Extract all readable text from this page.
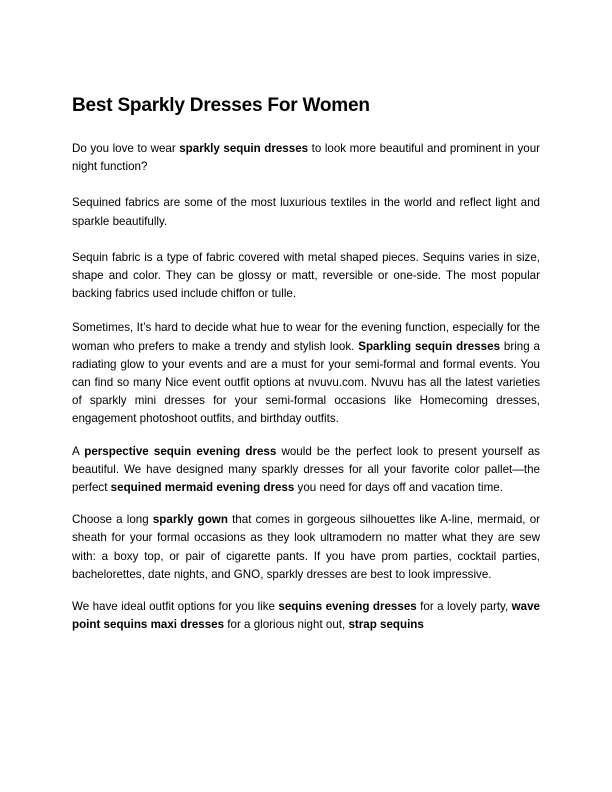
Best Sparkly Dresses For Women

Do you love to wear sparkly sequin dresses to look more beautiful and prominent in your night function?

Sequined fabrics are some of the most luxurious textiles in the world and reflect light and sparkle beautifully.

Sequin fabric is a type of fabric covered with metal shaped pieces. Sequins varies in size, shape and color. They can be glossy or matt, reversible or one-side. The most popular backing fabrics used include chiffon or tulle.

Sometimes, It’s hard to decide what hue to wear for the evening function, especially for the woman who prefers to make a trendy and stylish look. Sparkling sequin dresses bring a radiating glow to your events and are a must for your semi-formal and formal events. You can find so many Nice event outfit options at nvuvu.com. Nvuvu has all the latest varieties of sparkly mini dresses for your semi-formal occasions like Homecoming dresses, engagement photoshoot outfits, and birthday outfits.

A perspective sequin evening dress would be the perfect look to present yourself as beautiful. We have designed many sparkly dresses for all your favorite color pallet—the perfect sequined mermaid evening dress you need for days off and vacation time.

Choose a long sparkly gown that comes in gorgeous silhouettes like A-line, mermaid, or sheath for your formal occasions as they look ultramodern no matter what they are sew with: a boxy top, or pair of cigarette pants. If you have prom parties, cocktail parties, bachelorettes, date nights, and GNO, sparkly dresses are best to look impressive.

We have ideal outfit options for you like sequins evening dresses for a lovely party, wave point sequins maxi dresses for a glorious night out, strap sequins
